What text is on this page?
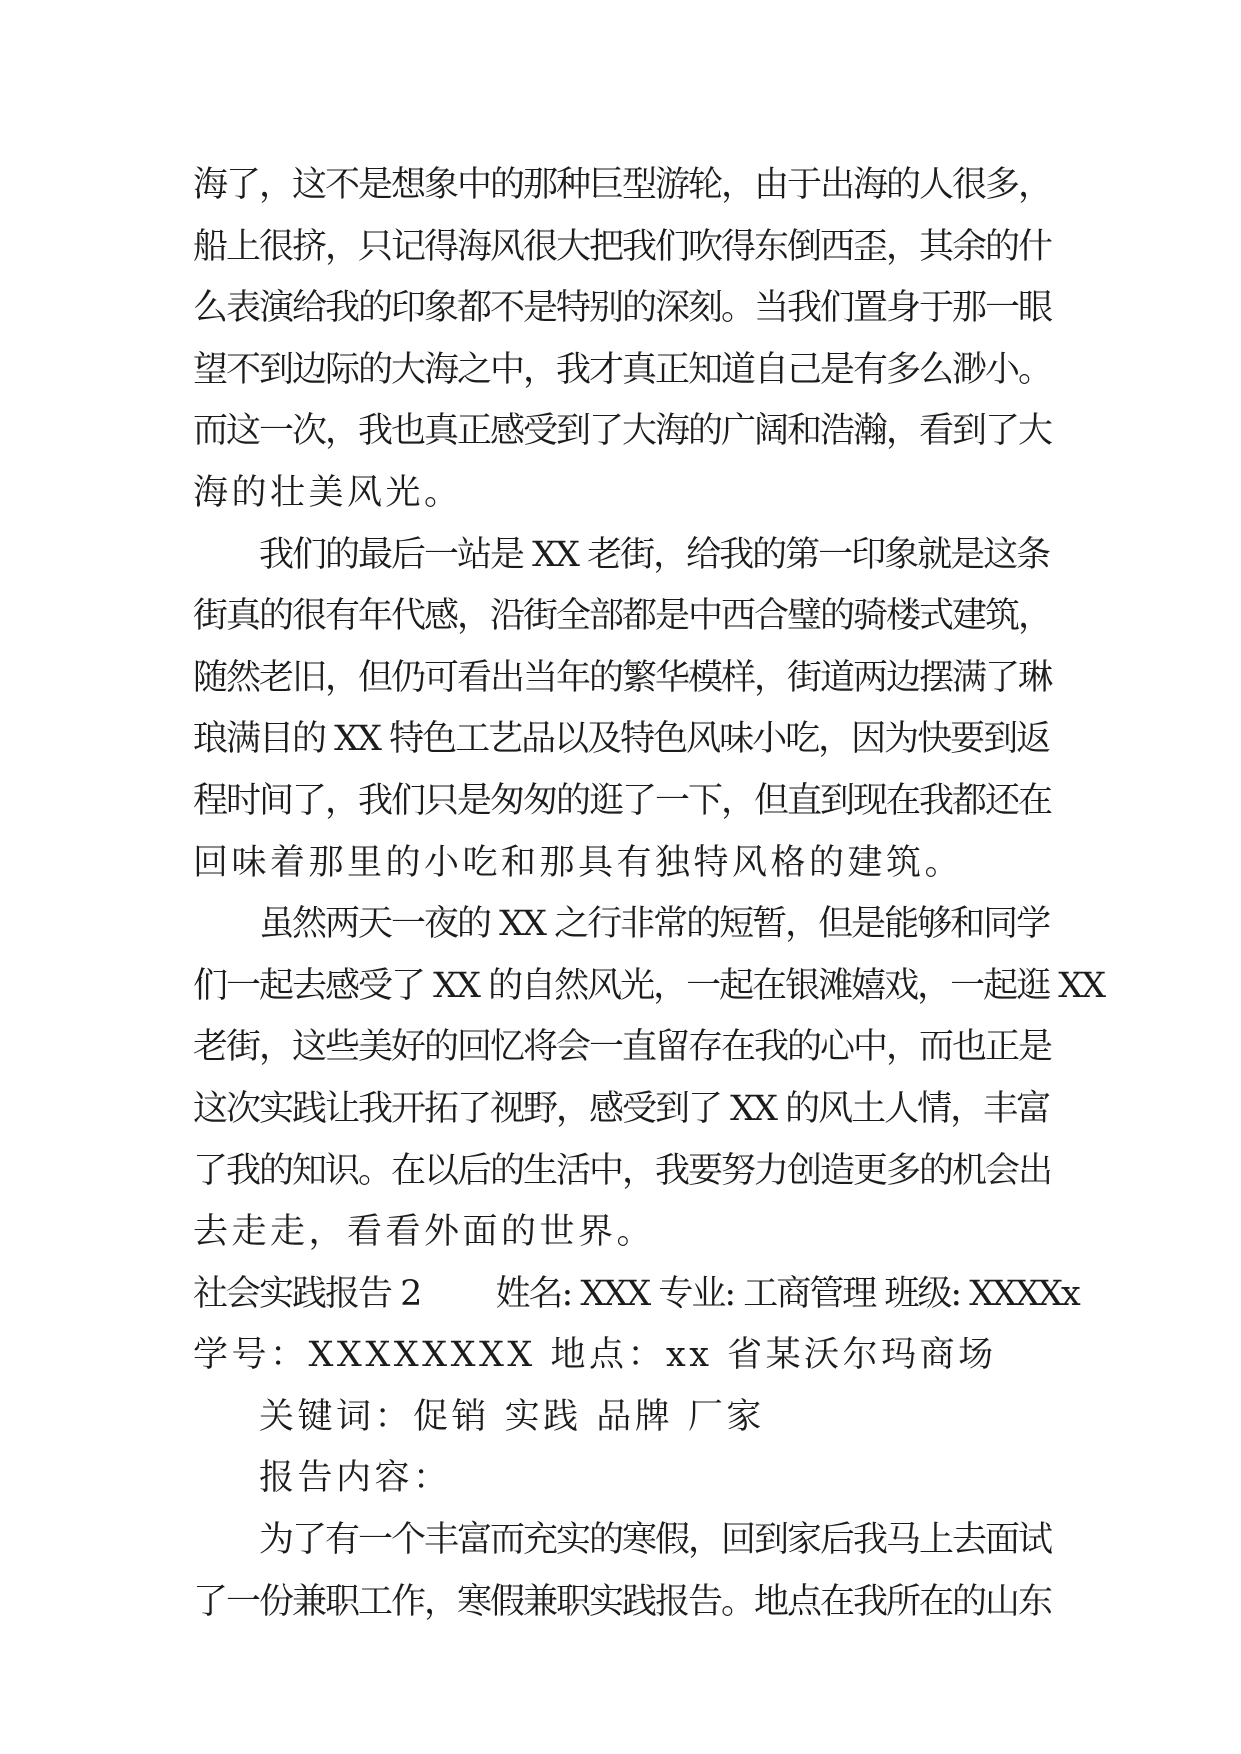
海了，这不是想象中的那种巨型游轮，由于出海的人很多，
船上很挤，只记得海风很大把我们吹得东倒西歪，其余的什
么表演给我的印象都不是特别的深刻。当我们置身于那一眼
望不到边际的大海之中，我才真正知道自己是有多么渺小。
而这一次，我也真正感受到了大海的广阔和浩瀚，看到了大
海的壮美风光。
我们的最后一站是 XX 老街，给我的第一印象就是这条
街真的很有年代感，沿街全部都是中西合璧的骑楼式建筑，
随然老旧，但仍可看出当年的繁华模样，街道两边摆满了琳
琅满目的 XX 特色工艺品以及特色风味小吃，因为快要到返
程时间了，我们只是匆匆的逛了一下，但直到现在我都还在
回味着那里的小吃和那具有独特风格的建筑。
虽然两天一夜的 XX 之行非常的短暂，但是能够和同学
们一起去感受了 XX 的自然风光，一起在银滩嬉戏，一起逛 XX
老街，这些美好的回忆将会一直留存在我的心中，而也正是
这次实践让我开拓了视野，感受到了 XX 的风土人情，丰富
了我的知识。在以后的生活中，我要努力创造更多的机会出
去走走，看看外面的世界。
社会实践报告 2　　 姓名: XXX 专业: 工商管理 班级: XXXXx
学号：XXXXXXXX 地点：xx 省某沃尔玛商场
关键词：促销 实践 品牌 厂家
报告内容：
为了有一个丰富而充实的寒假，回到家后我马上去面试
了一份兼职工作，寒假兼职实践报告。地点在我所在的山东
